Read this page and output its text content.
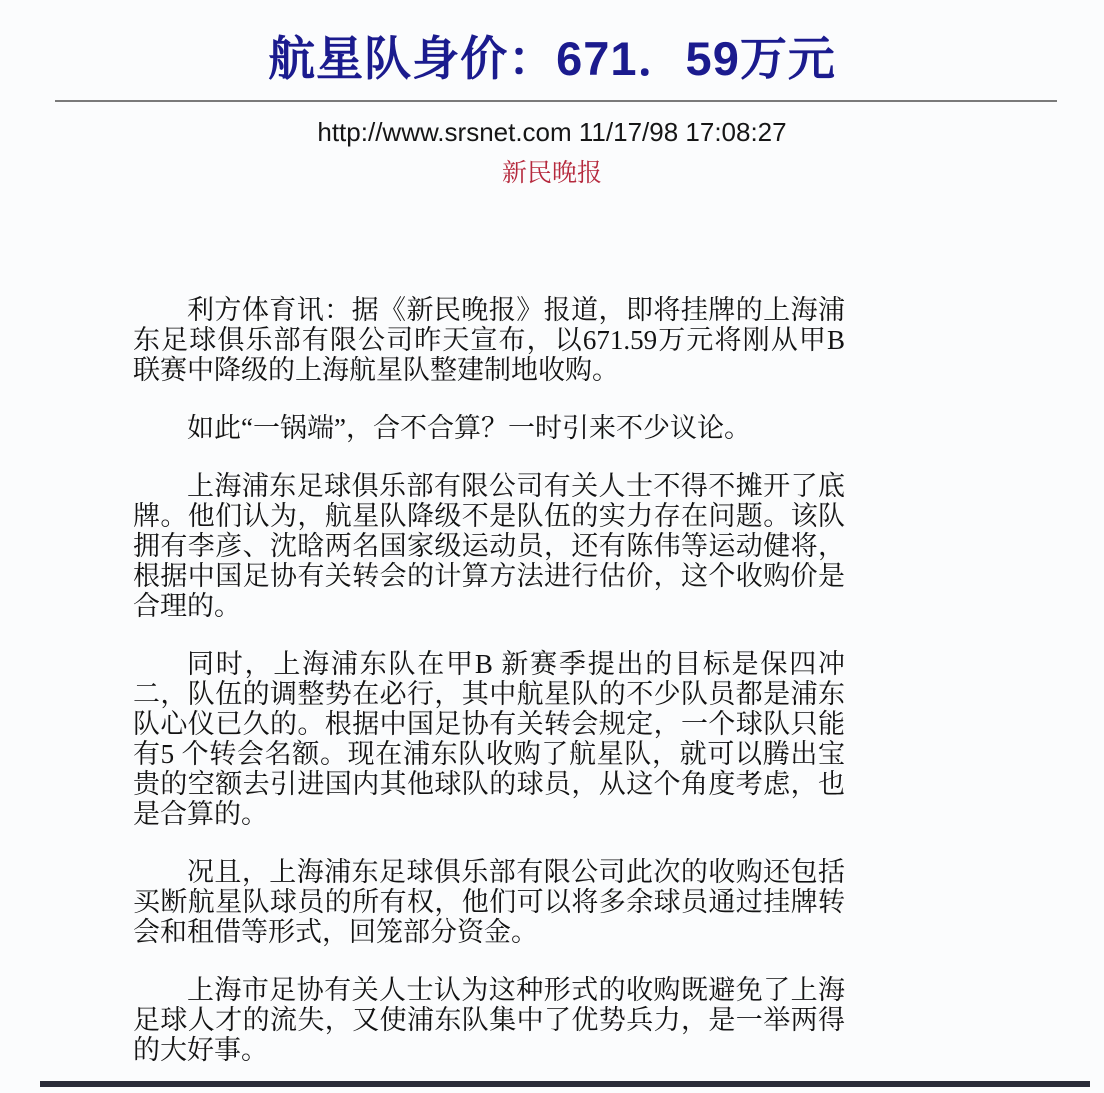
航星队身价：671．59万元
http://www.srsnet.com 11/17/98 17:08:27
新民晚报

利方体育讯：据《新民晚报》报道，即将挂牌的上海浦东足球俱乐部有限公司昨天宣布，以671.59万元将刚从甲B联赛中降级的上海航星队整建制地收购。

如此“一锅端”，合不合算？一时引来不少议论。

上海浦东足球俱乐部有限公司有关人士不得不摊开了底牌。他们认为，航星队降级不是队伍的实力存在问题。该队拥有李彦、沈晗两名国家级运动员，还有陈伟等运动健将，根据中国足协有关转会的计算方法进行估价，这个收购价是合理的。

同时，上海浦东队在甲B 新赛季提出的目标是保四冲二，队伍的调整势在必行，其中航星队的不少队员都是浦东队心仪已久的。根据中国足协有关转会规定，一个球队只能有5 个转会名额。现在浦东队收购了航星队，就可以腾出宝贵的空额去引进国内其他球队的球员，从这个角度考虑，也是合算的。

况且，上海浦东足球俱乐部有限公司此次的收购还包括买断航星队球员的所有权，他们可以将多余球员通过挂牌转会和租借等形式，回笼部分资金。

上海市足协有关人士认为这种形式的收购既避免了上海足球人才的流失，又使浦东队集中了优势兵力，是一举两得的大好事。
